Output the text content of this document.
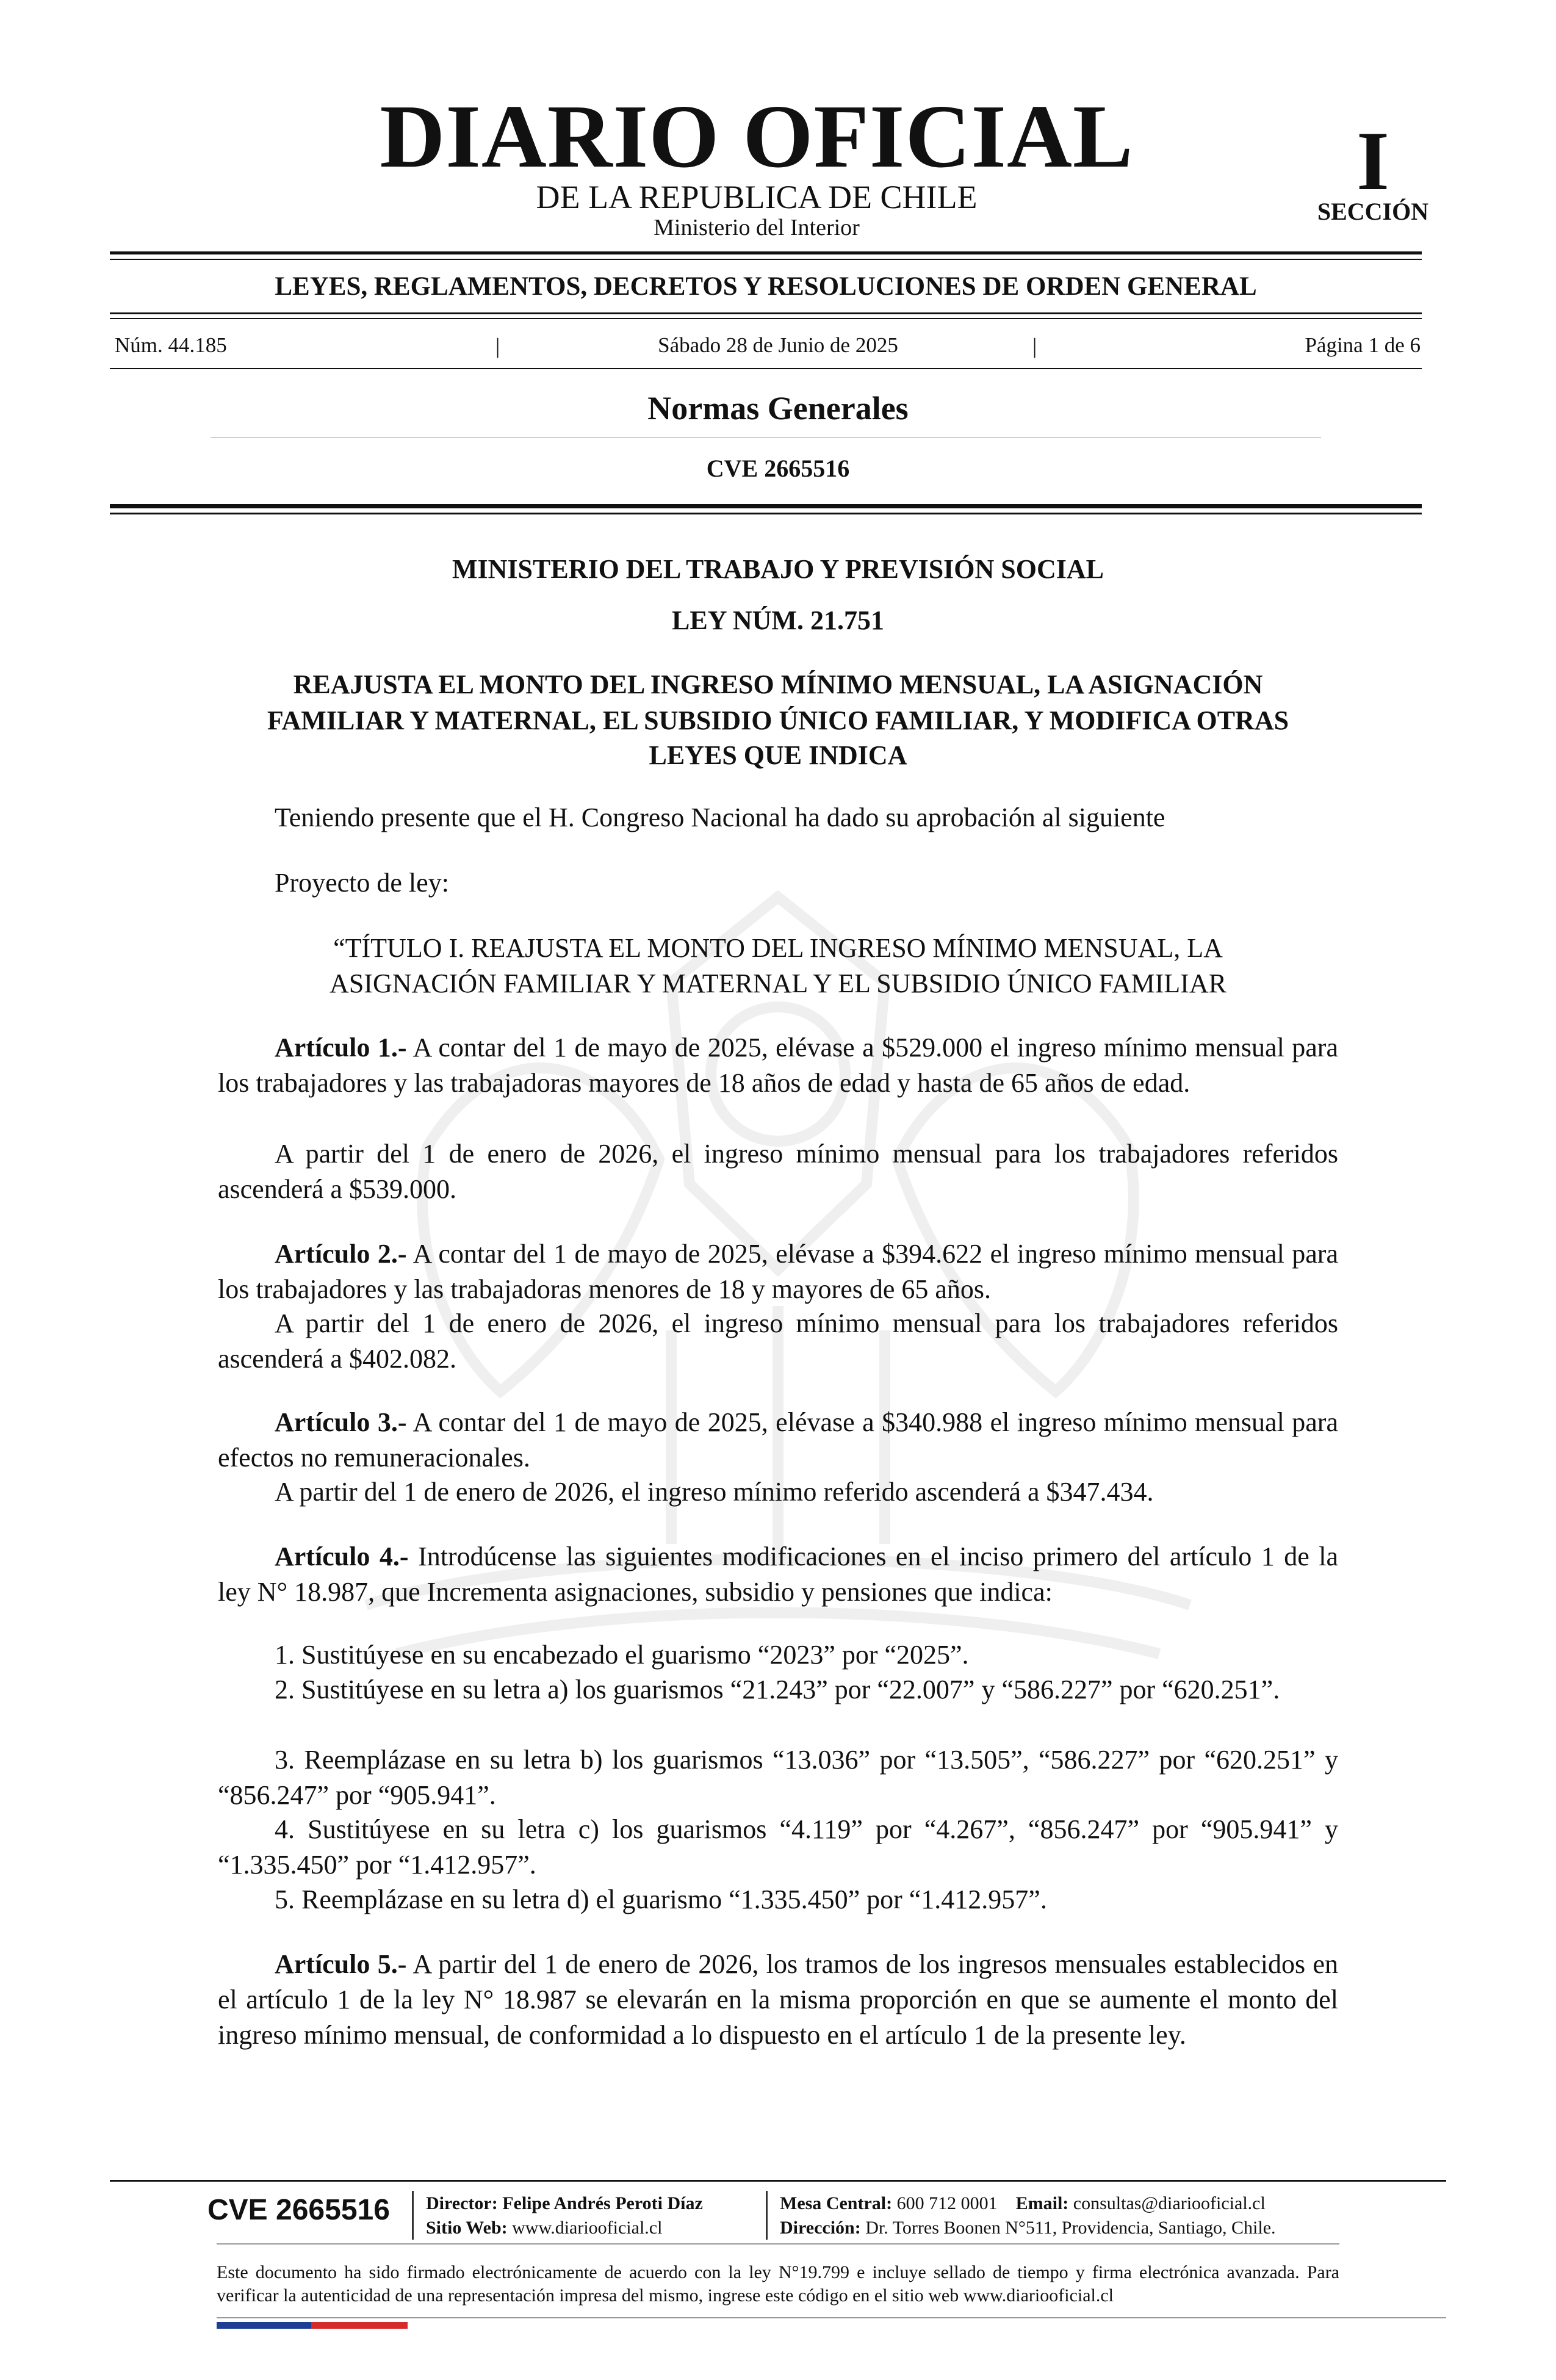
DIARIO OFICIAL
DE LA REPUBLICA DE CHILE
Ministerio del Interior
I
SECCIÓN
LEYES, REGLAMENTOS, DECRETOS Y RESOLUCIONES DE ORDEN GENERAL
Núm. 44.185	|	Sábado 28 de Junio de 2025	|	Página 1 de 6
Normas Generales
CVE 2665516
MINISTERIO DEL TRABAJO Y PREVISIÓN SOCIAL
LEY NÚM. 21.751
REAJUSTA EL MONTO DEL INGRESO MÍNIMO MENSUAL, LA ASIGNACIÓN
FAMILIAR Y MATERNAL, EL SUBSIDIO ÚNICO FAMILIAR, Y MODIFICA OTRAS
LEYES QUE INDICA
Teniendo presente que el H. Congreso Nacional ha dado su aprobación al siguiente
Proyecto de ley:
“TÍTULO I. REAJUSTA EL MONTO DEL INGRESO MÍNIMO MENSUAL, LA
ASIGNACIÓN FAMILIAR Y MATERNAL Y EL SUBSIDIO ÚNICO FAMILIAR
Artículo 1.- A contar del 1 de mayo de 2025, elévase a $529.000 el ingreso mínimo mensual para los trabajadores y las trabajadoras mayores de 18 años de edad y hasta de 65 años de edad.
A partir del 1 de enero de 2026, el ingreso mínimo mensual para los trabajadores referidos ascenderá a $539.000.
Artículo 2.- A contar del 1 de mayo de 2025, elévase a $394.622 el ingreso mínimo mensual para los trabajadores y las trabajadoras menores de 18 y mayores de 65 años.
A partir del 1 de enero de 2026, el ingreso mínimo mensual para los trabajadores referidos ascenderá a $402.082.
Artículo 3.- A contar del 1 de mayo de 2025, elévase a $340.988 el ingreso mínimo mensual para efectos no remuneracionales.
A partir del 1 de enero de 2026, el ingreso mínimo referido ascenderá a $347.434.
Artículo 4.- Introdúcense las siguientes modificaciones en el inciso primero del artículo 1 de la ley N° 18.987, que Incrementa asignaciones, subsidio y pensiones que indica:
1. Sustitúyese en su encabezado el guarismo “2023” por “2025”.
2. Sustitúyese en su letra a) los guarismos “21.243” por “22.007” y “586.227” por “620.251”.
3. Reemplázase en su letra b) los guarismos “13.036” por “13.505”, “586.227” por “620.251” y “856.247” por “905.941”.
4. Sustitúyese en su letra c) los guarismos “4.119” por “4.267”, “856.247” por “905.941” y “1.335.450” por “1.412.957”.
5. Reemplázase en su letra d) el guarismo “1.335.450” por “1.412.957”.
Artículo 5.- A partir del 1 de enero de 2026, los tramos de los ingresos mensuales establecidos en el artículo 1 de la ley N° 18.987 se elevarán en la misma proporción en que se aumente el monto del ingreso mínimo mensual, de conformidad a lo dispuesto en el artículo 1 de la presente ley.
CVE 2665516 Director: Felipe Andrés Peroti Díaz
Sitio Web: www.diariooficial.cl
Mesa Central: 600 712 0001 Email: consultas@diariooficial.cl
Dirección: Dr. Torres Boonen N°511, Providencia, Santiago, Chile.
Este documento ha sido firmado electrónicamente de acuerdo con la ley N°19.799 e incluye sellado de tiempo y firma electrónica avanzada. Para verificar la autenticidad de una representación impresa del mismo, ingrese este código en el sitio web www.diariooficial.cl
